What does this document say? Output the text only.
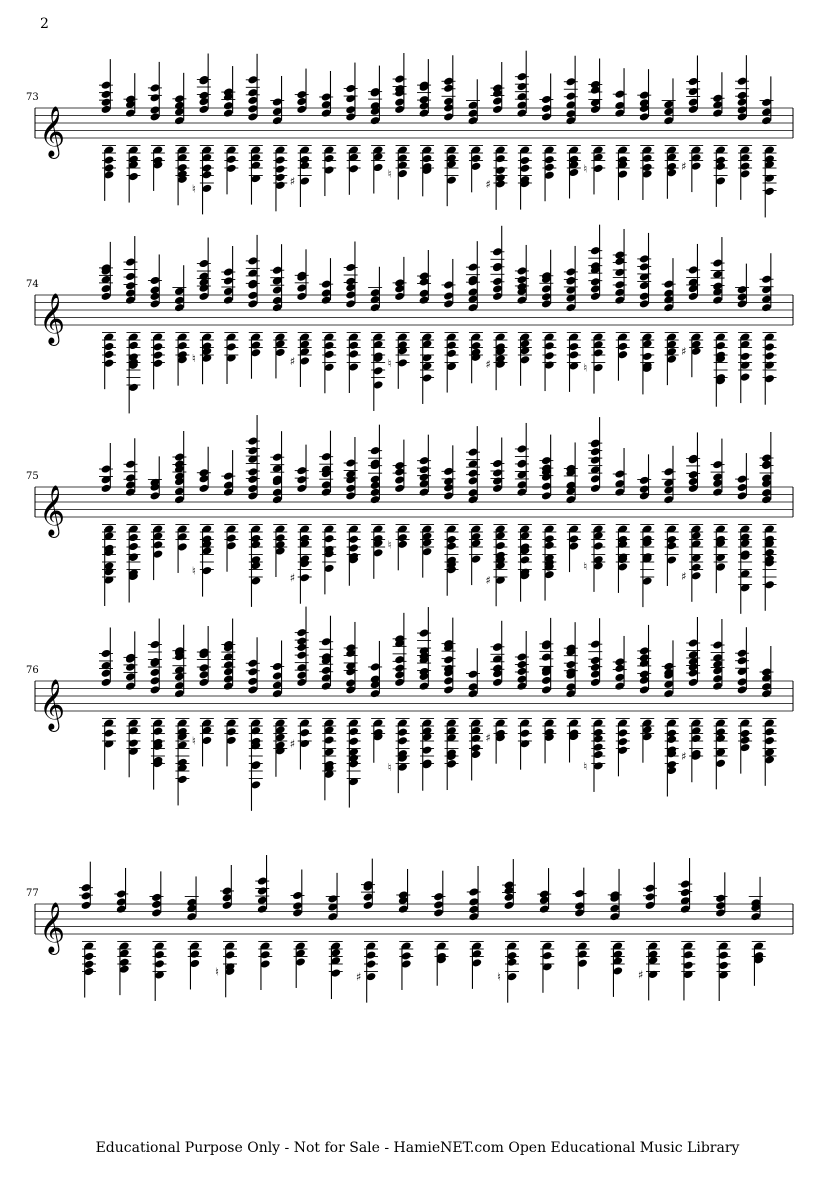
2
𝄞
73
♮
♯
♮
♯
♮	♯
𝄞
74
♮	♯	♮	♯	♮
♯
𝄞
75
♮
♯
♮
♯
♮
♯
𝄞
76
♮	♯
♮
♯
♮
♯
𝄞
77
♮	♯	♮	♯
Educational Purpose Only - Not for Sale - HamieNET.com Open Educational Music Library
